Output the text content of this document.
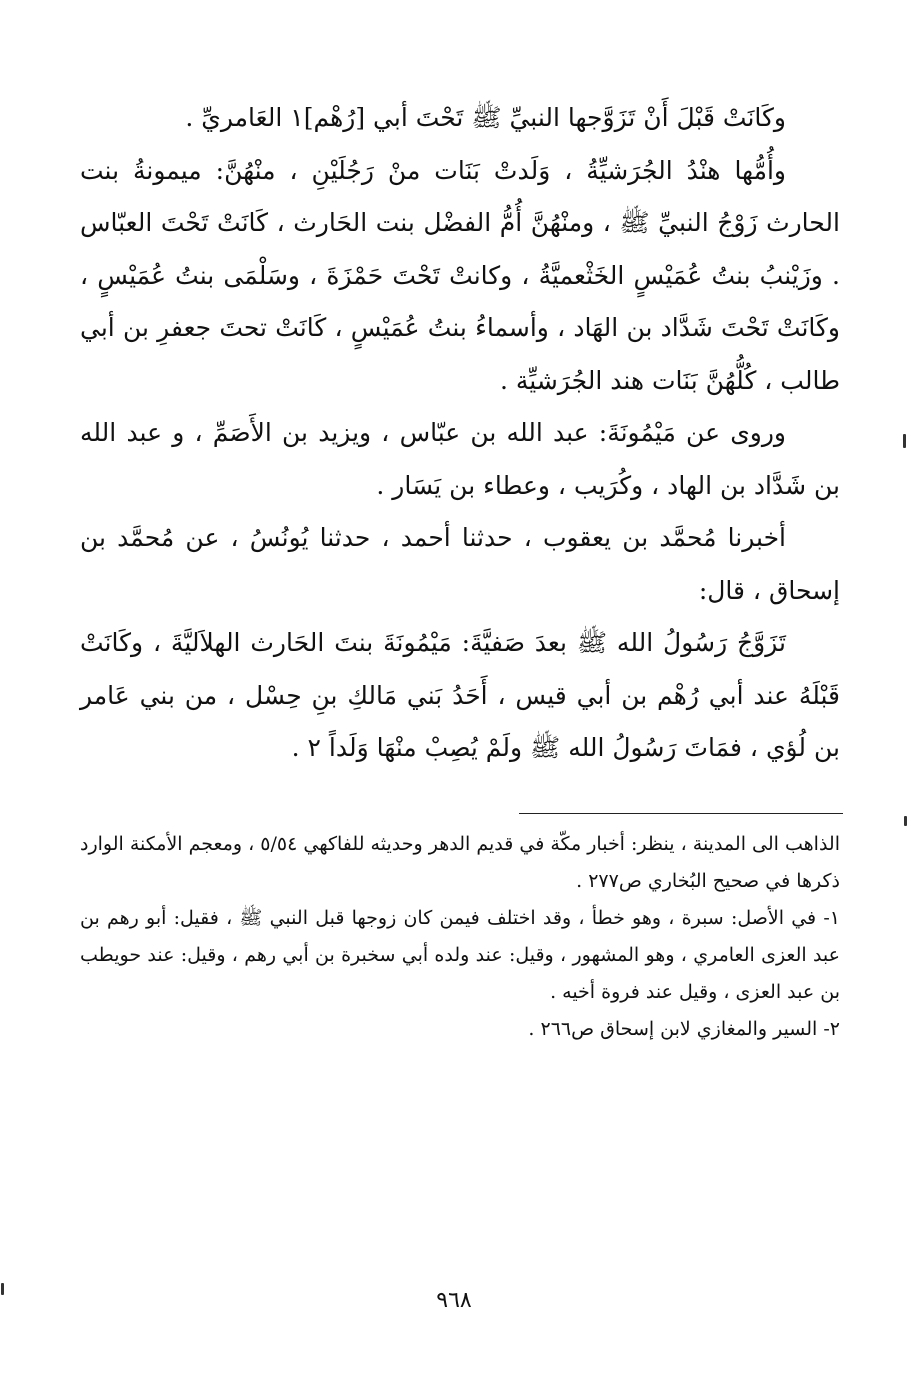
وكَانَتْ قَبْلَ أَنْ تَزَوَّجها النبيِّ ﷺ تَحْتَ أبي [رُهْم]١ العَامريِّ .

وأُمُّها هنْدُ الجُرَشيِّةُ ، وَلَدتْ بَنَات منْ رَجُلَيْنِ ، منْهُنَّ: ميمونةُ بنت الحارث زَوْجُ النبيِّ ﷺ ، ومنْهُنَّ أُمُّ الفضْل بنت الحَارث ، كَانَتْ تَحْتَ العبّاس . وزَيْنبُ بنتُ عُمَيْسٍ الخَثْعميَّةُ ، وكانتْ تَحْتَ حَمْزَةَ ، وسَلْمَى بنتُ عُمَيْسٍ ، وكَانَتْ تَحْتَ شَدَّاد بن الهَاد ، وأسماءُ بنتُ عُمَيْسٍ ، كَانَتْ تحتَ جعفرِ بن أبي طالب ، كُلُّهُنَّ بَنَات هند الجُرَشيِّة .

وروى عن مَيْمُونَةَ: عبد الله بن عبّاس ، ويزيد بن الأَصَمِّ ، و عبد الله بن شَدَّاد بن الهاد ، وكُرَيب ، وعطاء بن يَسَار .

أخبرنا مُحمَّد بن يعقوب ، حدثنا أحمد ، حدثنا يُونُسُ ، عن مُحمَّد بن إسحاق ، قال:

تَزَوَّجُ رَسُولُ الله ﷺ بعدَ صَفيَّةَ: مَيْمُونَةَ بنتَ الحَارث الهلاَليَّةَ ، وكَانَتْ قَبْلَهُ عند أبي رُهْم بن أبي قيس ، أَحَدُ بَني مَالكِ بنِ حِسْل ، من بني عَامر بن لُؤي ، فمَاتَ رَسُولُ الله ﷺ ولَمْ يُصِبْ منْهَا وَلَداً ٢ .

الذاهب الى المدينة ، ينظر: أخبار مكّة في قديم الدهر وحديثه للفاكهي ٥/٥٤ ، ومعجم الأمكنة الوارد ذكرها في صحيح البُخاري ص٢٧٧ .

١- في الأصل: سبرة ، وهو خطأ ، وقد اختلف فيمن كان زوجها قبل النبي ﷺ ، فقيل: أبو رهم بن عبد العزى العامري ، وهو المشهور ، وقيل: عند ولده أبي سخبرة بن أبي رهم ، وقيل: عند حويطب بن عبد العزى ، وقيل عند فروة أخيه .

٢- السير والمغازي لابن إسحاق ص٢٦٦ .

٩٦٨
